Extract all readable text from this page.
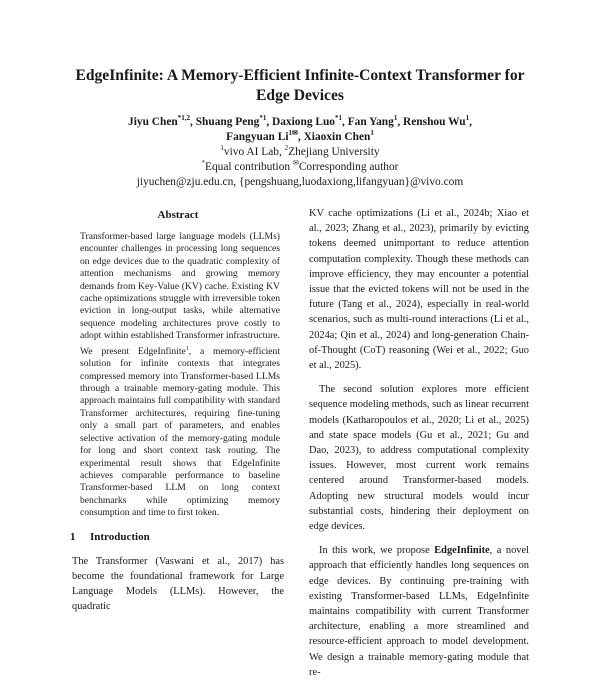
EdgeInfinite: A Memory-Efficient Infinite-Context Transformer for
Edge Devices
Jiyu Chen$^{*1,2}$, Shuang Peng$^{*1}$, Daxiong Luo$^{*1}$, Fan Yang$^1$, Renshou Wu$^1$,
Fangyuan $Li^{1✉}$, Xiaoxin Chen$^1$
$^1$vivo AI Lab, $^2$Zhejiang University
*Equal contribution ✉Corresponding author
jiyuchen@zju.edu.cn, {pengshuang,luodaxiong,lifangyuan}@vivo.com
Abstract
Transformer-based large language models (LLMs) encounter challenges in processing long sequences on edge devices due to the quadratic complexity of attention mechanisms and growing memory demands from Key-Value (KV) cache. Existing KV cache optimizations struggle with irreversible token eviction in long-output tasks, while alternative sequence modeling architectures prove costly to adopt within established Transformer infrastructure. We present EdgeInfinite$^1$, a memory-efficient solution for infinite contexts that integrates compressed memory into Transformer-based LLMs through a trainable memory-gating module. This approach maintains full compatibility with standard Transformer architectures, requiring fine-tuning only a small part of parameters, and enables selective activation of the memory-gating module for long and short context task routing. The experimental result shows that EdgeInfinite achieves comparable performance to baseline Transformer-based LLM on long context benchmarks while optimizing memory consumption and time to first token.
1 Introduction
The Transformer (Vaswani et al., 2017) has become the foundational framework for Large Language Models (LLMs). However, the quadratic
KV cache optimizations (Li et al., 2024b; Xiao et al., 2023; Zhang et al., 2023), primarily by evicting tokens deemed unimportant to reduce attention computation complexity. Though these methods can improve efficiency, they may encounter a potential issue that the evicted tokens will not be used in the future (Tang et al., 2024), especially in real-world scenarios, such as multi-round interactions (Li et al., 2024a; Qin et al., 2024) and long-generation Chain-of-Thought (CoT) reasoning (Wei et al., 2022; Guo et al., 2025).
The second solution explores more efficient sequence modeling methods, such as linear recurrent models (Katharopoulos et al., 2020; Li et al., 2025) and state space models (Gu et al., 2021; Gu and Dao, 2023), to address computational complexity issues. However, most current work remains centered around Transformer-based models. Adopting new structural models would incur substantial costs, hindering their deployment on edge devices.
In this work, we propose EdgeInfinite, a novel approach that efficiently handles long sequences on edge devices. By continuing pre-training with existing Transformer-based LLMs, EdgeInfinite maintains compatibility with current Transformer architecture, enabling a more streamlined and resource-efficient approach to model development. We design a trainable memory-gating module that re-
